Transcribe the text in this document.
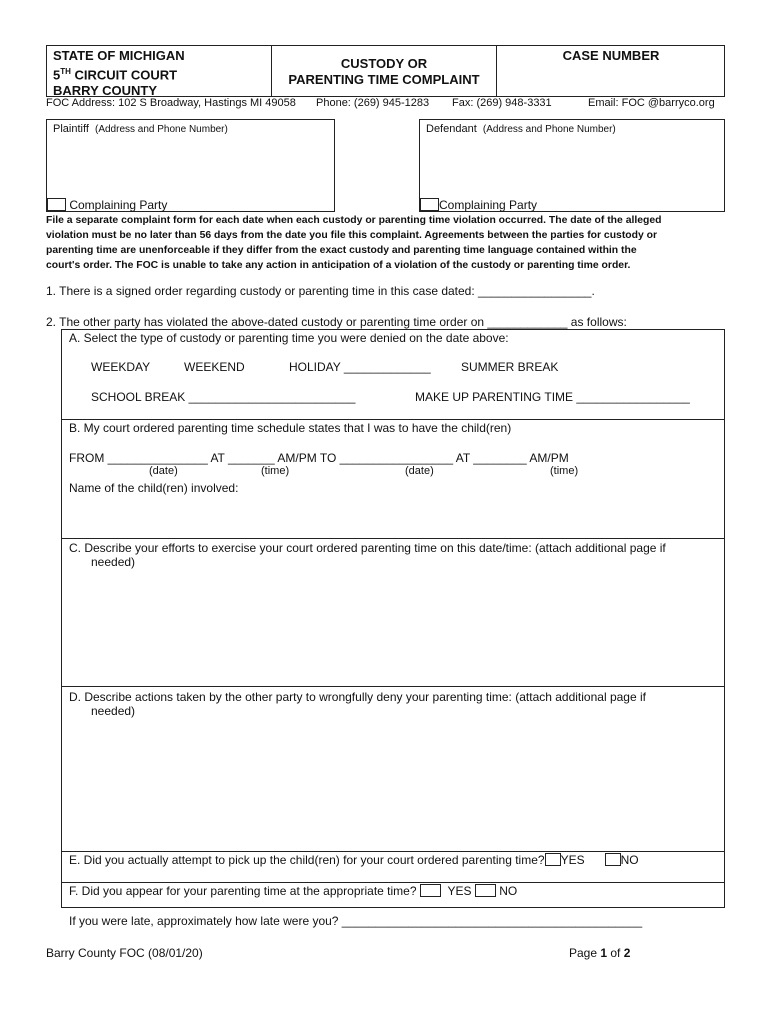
STATE OF MICHIGAN
5TH CIRCUIT COURT
BARRY COUNTY
CUSTODY OR
PARENTING TIME COMPLAINT
CASE NUMBER
FOC Address: 102 S Broadway, Hastings MI 49058 Phone: (269) 945-1283 Fax: (269) 948-3331	Email: FOC @barryco.org
Plaintiff (Address and Phone Number)
Complaining Party
Defendant (Address and Phone Number)
Complaining Party
File a separate complaint form for each date when each custody or parenting time violation occurred. The date of the alleged
violation must be no later than 56 days from the date you file this complaint. Agreements between the parties for custody or
parenting time are unenforceable if they differ from the exact custody and parenting time language contained within the
court's order. The FOC is unable to take any action in anticipation of a violation of the custody or parenting time order.
1. There is a signed order regarding custody or parenting time in this case dated: _________________.
2. The other party has violated the above-dated custody or parenting time order on ____________ as follows:
A. Select the type of custody or parenting time you were denied on the date above:
WEEKDAY	WEEKEND	HOLIDAY _____________	SUMMER BREAK
SCHOOL BREAK _________________________	MAKE UP PARENTING TIME _________________
B. My court ordered parenting time schedule states that I was to have the child(ren)
FROM _______________ AT _______ AM/PM TO _________________ AT ________ AM/PM
(date)	(time)	(date)	(time)
Name of the child(ren) involved:
C. Describe your efforts to exercise your court ordered parenting time on this date/time: (attach additional page if
needed)
D. Describe actions taken by the other party to wrongfully deny your parenting time: (attach additional page if
needed)
E. Did you actually attempt to pick up the child(ren) for your court ordered parenting time? YES	NO
F. Did you appear for your parenting time at the appropriate time?	YES NO
If you were late, approximately how late were you? _____________________________________________
Barry County FOC (08/01/20)	Page 1 of 2
